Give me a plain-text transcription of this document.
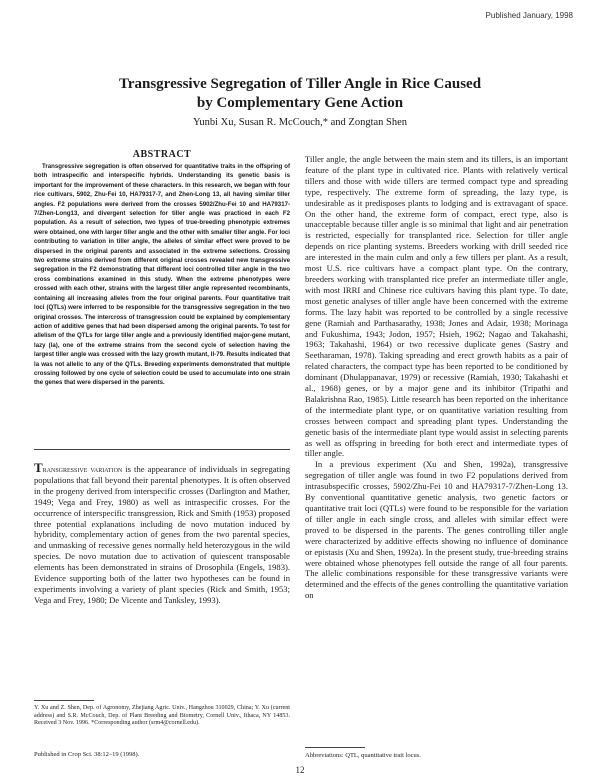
Published January, 1998
Transgressive Segregation of Tiller Angle in Rice Caused
by Complementary Gene Action
Yunbi Xu, Susan R. McCouch,* and Zongtan Shen
ABSTRACT

Transgressive segregation is often observed for quantitative traits in the offspring of both intraspecific and interspecific hybrids. Understanding its genetic basis is important for the improvement of these characters. In this research, we began with four rice cultivars, 5902, Zhu-Fei 10, HA79317-7, and Zhen-Long 13, all having similar tiller angles. F2 populations were derived from the crosses 5902/Zhu-Fei 10 and HA79317-7/Zhen-Long13, and divergent selection for tiller angle was practiced in each F2 population. As a result of selection, two types of true-breeding phenotypic extremes were obtained, one with larger tiller angle and the other with smaller tiller angle. For loci contributing to variation in tiller angle, the alleles of similar effect were proved to be dispersed in the original parents and associated in the extreme selections. Crossing two extreme strains derived from different original crosses revealed new transgressive segregation in the F2 demonstrating that different loci controlled tiller angle in the two cross combinations examined in this study. When the extreme phenotypes were crossed with each other, strains with the largest tiller angle represented recombinants, containing all increasing alleles from the four original parents. Four quantitative trait loci (QTLs) were inferred to be responsible for the transgressive segregation in the two original crosses. The intercross of transgression could be explained by complementary action of additive genes that had been dispersed among the original parents. To test for allelism of the QTLs for large tiller angle and a previously identified major-gene mutant, lazy (la), one of the extreme strains from the second cycle of selection having the largest tiller angle was crossed with the lazy growth mutant, II-79. Results indicated that la was not allelic to any of the QTLs. Breeding experiments demonstrated that multiple crossing followed by one cycle of selection could be used to accumulate into one strain the genes that were dispersed in the parents.

Transgressive variation is the appearance of individuals in segregating populations that fall beyond their parental phenotypes. It is often observed in the progeny derived from interspecific crosses (Darlington and Mather, 1949; Vega and Frey, 1980) as well as intraspecific crosses. For the occurrence of interspecific transgression, Rick and Smith (1953) proposed three potential explanations including de novo mutation induced by hybridity, complementary action of genes from the two parental species, and unmasking of recessive genes normally held heterozygous in the wild species. De novo mutation due to activation of quiescent transposable elements has been demonstrated in strains of Drosophila (Engels, 1983). Evidence supporting both of the latter two hypotheses can be found in experiments involving a variety of plant species (Rick and Smith, 1953; Vega and Frey, 1980; De Vicente and Tanksley, 1993).

Y. Xu and Z. Shen, Dep. of Agronomy, Zhejiang Agric. Univ., Hangzhou 310029, China; Y. Xu (current address) and S.R. McCouch, Dep. of Plant Breeding and Biometry, Cornell Univ., Ithaca, NY 14853. Received 3 Nov. 1996. *Corresponding author (srm4@cornell.edu).

Published in Crop Sci. 38:12–19 (1998).

Tiller angle, the angle between the main stem and its tillers, is an important feature of the plant type in cultivated rice. Plants with relatively vertical tillers and those with wide tillers are termed compact type and spreading type, respectively. The extreme form of spreading, the lazy type, is undesirable as it predisposes plants to lodging and is extravagant of space. On the other hand, the extreme form of compact, erect type, also is unacceptable because tiller angle is so minimal that light and air penetration is restricted, especially for transplanted rice. Selection for tiller angle depends on rice planting systems. Breeders working with drill seeded rice are interested in the main culm and only a few tillers per plant. As a result, most U.S. rice cultivars have a compact plant type. On the contrary, breeders working with transplanted rice prefer an intermediate tiller angle, with most IRRI and Chinese rice cultivars having this plant type. To date, most genetic analyses of tiller angle have been concerned with the extreme forms. The lazy habit was reported to be controlled by a single recessive gene (Ramiah and Parthasarathy, 1938; Jones and Adair, 1938; Morinaga and Fukushima, 1943; Jodon, 1957; Hsieh, 1962; Nagao and Takahashi, 1963; Takahashi, 1964) or two recessive duplicate genes (Sastry and Seetharaman, 1978). Taking spreading and erect growth habits as a pair of related characters, the compact type has been reported to be conditioned by dominant (Dhulappanavar, 1979) or recessive (Ramiah, 1930; Takahashi et al., 1968) genes, or by a major gene and its inhibitor (Tripathi and Balakrishna Rao, 1985). Little research has been reported on the inheritance of the intermediate plant type, or on quantitative variation resulting from crosses between compact and spreading plant types. Understanding the genetic basis of the intermediate plant type would assist in selecting parents as well as offspring in breeding for both erect and intermediate types of tiller angle.

In a previous experiment (Xu and Shen, 1992a), transgressive segregation of tiller angle was found in two F2 populations derived from intrasubspecific crosses, 5902/Zhu-Fei 10 and HA79317-7/Zhen-Long 13. By conventional quantitative genetic analysis, two genetic factors or quantitative trait loci (QTLs) were found to be responsible for the variation of tiller angle in each single cross, and alleles with similar effect were proved to be dispersed in the parents. The genes controlling tiller angle were characterized by additive effects showing no influence of dominance or epistasis (Xu and Shen, 1992a). In the present study, true-breeding strains were obtained whose phenotypes fell outside the range of all four parents. The allelic combinations responsible for these transgressive variants were determined and the effects of the genes controlling the quantitative variation on

Abbreviations: QTL, quantitative trait locus.
12
